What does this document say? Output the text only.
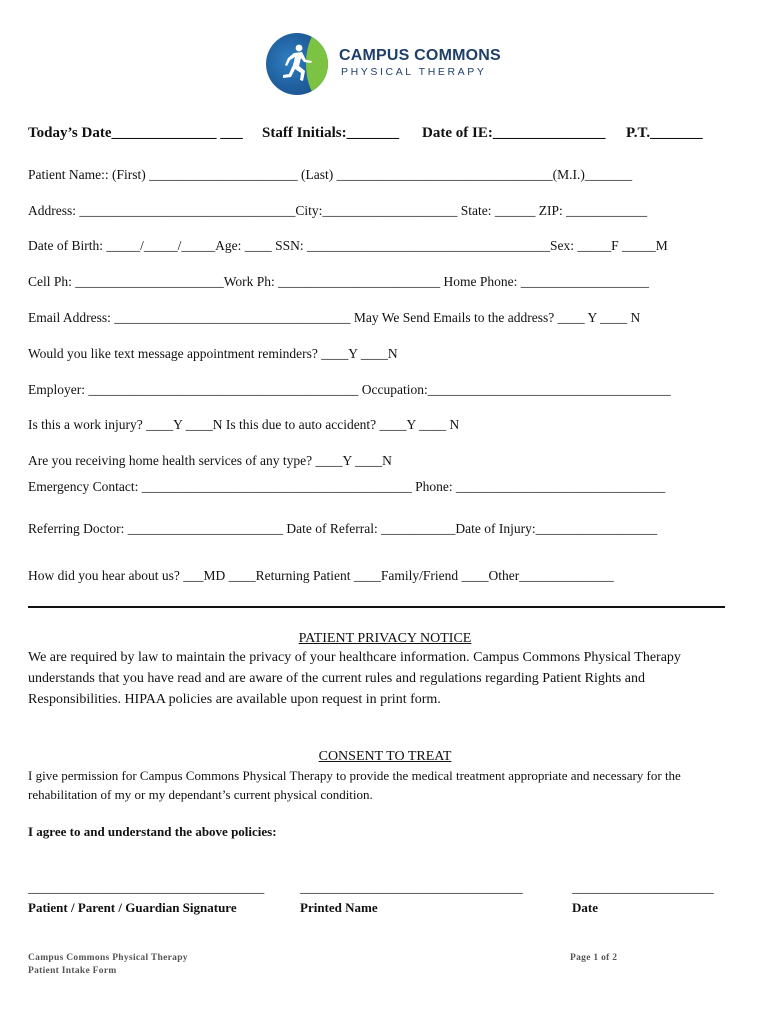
CAMPUS COMMONS
PHYSICAL THERAPY
Today’s Date______________ ___ Staff Initials:_______ Date of IE:_______________ P.T._______
Patient Name:: (First) ______________________ (Last) ________________________________(M.I.)_______
Address: ________________________________City:____________________ State: ______ ZIP: ____________
Date of Birth: _____/_____/_____Age: ____ SSN: ____________________________________Sex: _____F _____M
Cell Ph: ______________________Work Ph: ________________________ Home Phone: ___________________
Email Address: ___________________________________ May We Send Emails to the address? ____ Y ____ N
Would you like text message appointment reminders? ____Y ____N
Employer: ________________________________________ Occupation:____________________________________
Is this a work injury? ____Y ____N Is this due to auto accident? ____Y ____ N
Are you receiving home health services of any type? ____Y ____N
Emergency Contact: ________________________________________ Phone: _______________________________
Referring Doctor: _______________________ Date of Referral: ___________Date of Injury:__________________
How did you hear about us? ___MD ____Returning Patient ____Family/Friend ____Other______________
PATIENT PRIVACY NOTICE
We are required by law to maintain the privacy of your healthcare information. Campus Commons Physical Therapy understands that you have read and are aware of the current rules and regulations regarding Patient Rights and Responsibilities. HIPAA policies are available upon request in print form.
CONSENT TO TREAT
I give permission for Campus Commons Physical Therapy to provide the medical treatment appropriate and necessary for the rehabilitation of my or my dependant’s current physical condition.
I agree to and understand the above policies:
___________________________________	_________________________________	_____________________
Patient / Parent / Guardian Signature	Printed Name	Date
Campus Commons Physical Therapy
Patient Intake Form
Page 1 of 2
